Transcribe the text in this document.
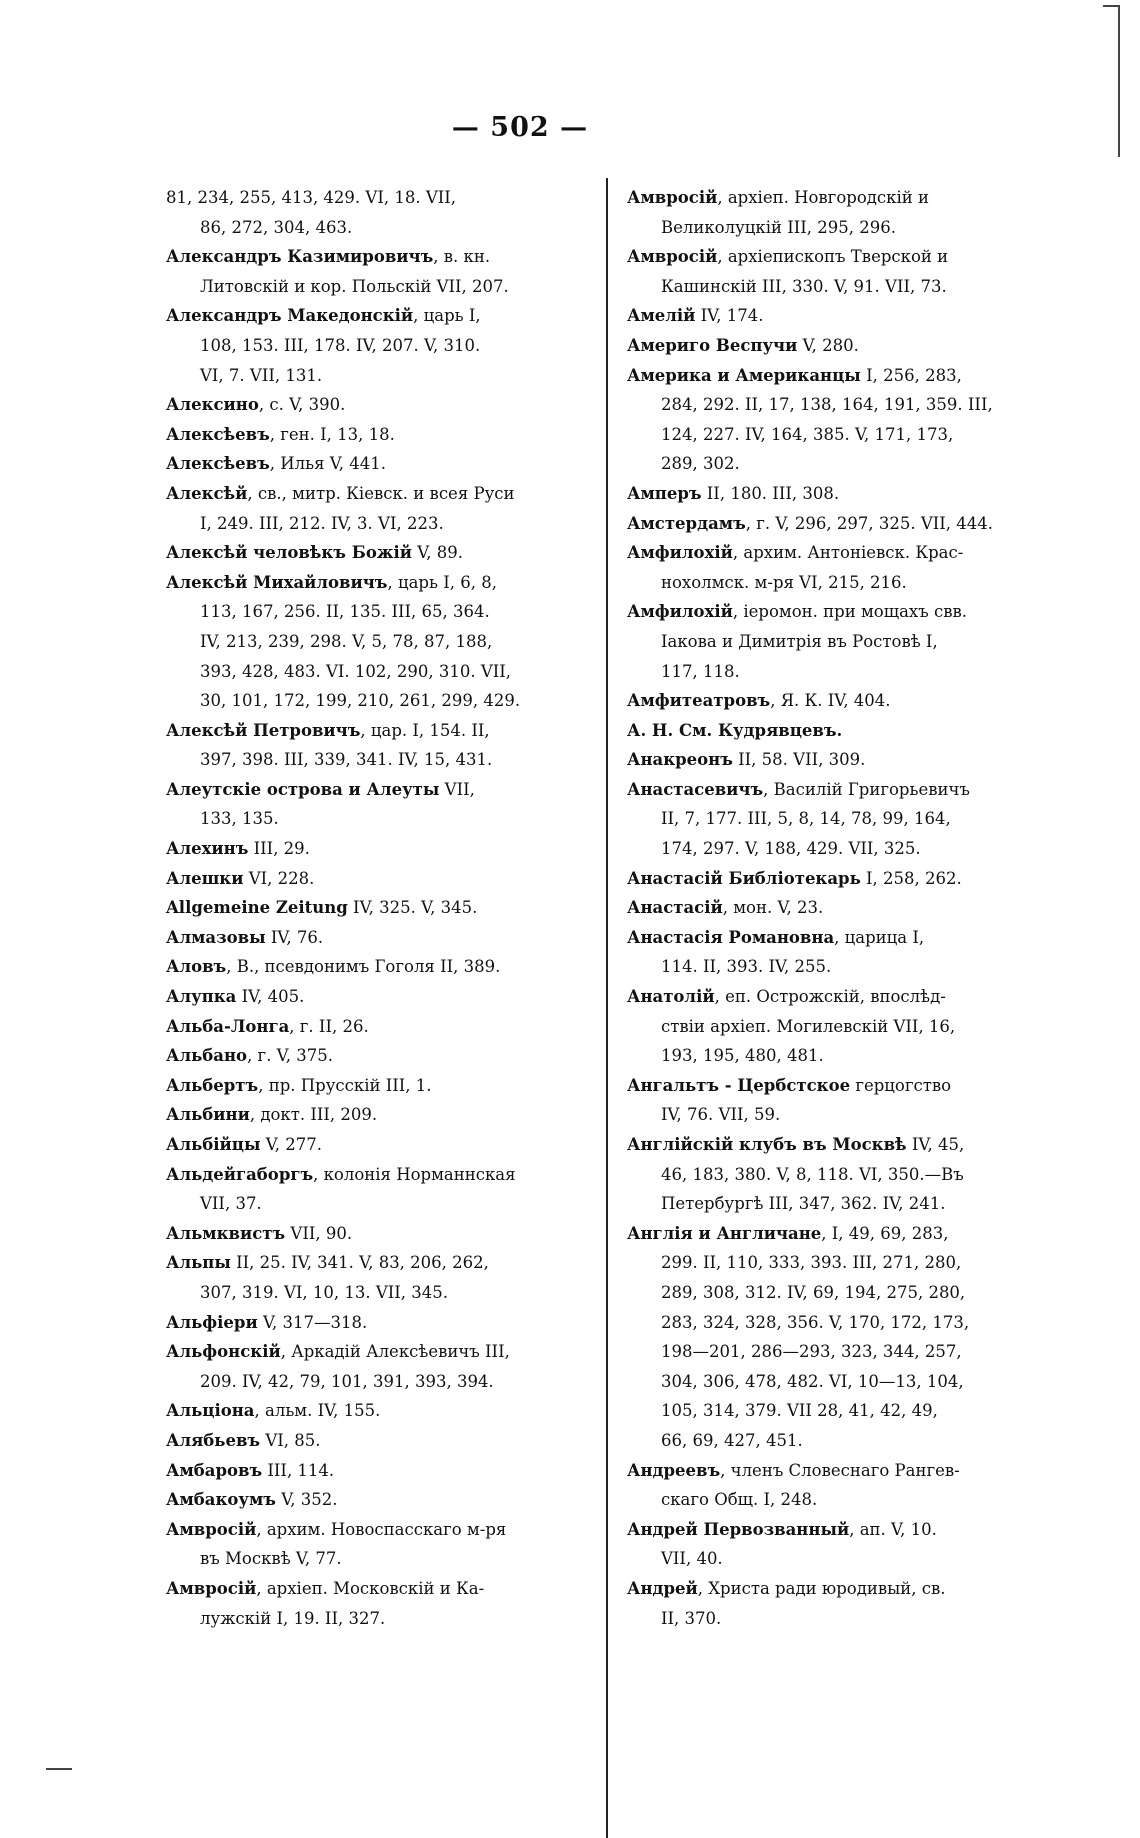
— 502 —

81, 234, 255, 413, 429. VI, 18. VII,

86, 272, 304, 463.

Александръ Казимировичъ, в. кн.

Литовскій и кор. Польскій VII, 207.

Александръ Македонскій, царь I,

108, 153. III, 178. IV, 207. V, 310.

VI, 7. VII, 131.

Алексино, с. V, 390.

Алексѣевъ, ген. I, 13, 18.

Алексѣевъ, Илья V, 441.

Алексѣй, св., митр. Кіевск. и всея Руси

I, 249. III, 212. IV, 3. VI, 223.

Алексѣй человѣкъ Божій V, 89.

Алексѣй Михайловичъ, царь I, 6, 8,

113, 167, 256. II, 135. III, 65, 364.

IV, 213, 239, 298. V, 5, 78, 87, 188,

393, 428, 483. VI. 102, 290, 310. VII,

30, 101, 172, 199, 210, 261, 299, 429.

Алексѣй Петровичъ, цар. I, 154. II,

397, 398. III, 339, 341. IV, 15, 431.

Алеутскіе острова и Алеуты VII,

133, 135.

Алехинъ III, 29.

Алешки VI, 228.

Allgemeine Zeitung IV, 325. V, 345.

Алмазовы IV, 76.

Аловъ, В., псевдонимъ Гоголя II, 389.

Алупка IV, 405.

Альба-Лонга, г. II, 26.

Альбано, г. V, 375.

Альбертъ, пр. Прусскій III, 1.

Альбини, докт. III, 209.

Альбійцы V, 277.

Альдейгаборгъ, колонія Норманнская

VII, 37.

Альмквистъ VII, 90.

Альпы II, 25. IV, 341. V, 83, 206, 262,

307, 319. VI, 10, 13. VII, 345.

Альфіери V, 317—318.

Альфонскій, Аркадій Алексѣевичъ III,

209. IV, 42, 79, 101, 391, 393, 394.

Альціона, альм. IV, 155.

Алябьевъ VI, 85.

Амбаровъ III, 114.

Амбакоумъ V, 352.

Амвросій, архим. Новоспасскаго м-ря

въ Москвѣ V, 77.

Амвросій, архіеп. Московскій и Ка-

лужскій I, 19. II, 327.

Амвросій, архіеп. Новгородскій и

Великолуцкій III, 295, 296.

Амвросій, архіепископъ Тверской и

Кашинскій III, 330. V, 91. VII, 73.

Амелій IV, 174.

Америго Веспучи V, 280.

Америка и Американцы I, 256, 283,

284, 292. II, 17, 138, 164, 191, 359. III,

124, 227. IV, 164, 385. V, 171, 173,

289, 302.

Амперъ II, 180. III, 308.

Амстердамъ, г. V, 296, 297, 325. VII, 444.

Амфилохій, архим. Антоніевск. Крас-

нохолмск. м-ря VI, 215, 216.

Амфилохій, іеромон. при мощахъ свв.

Іакова и Димитрія въ Ростовѣ I,

117, 118.

Амфитеатровъ, Я. К. IV, 404.

А. Н. См. Кудрявцевъ.

Анакреонъ II, 58. VII, 309.

Анастасевичъ, Василій Григорьевичъ

II, 7, 177. III, 5, 8, 14, 78, 99, 164,

174, 297. V, 188, 429. VII, 325.

Анастасій Библіотекарь I, 258, 262.

Анастасій, мон. V, 23.

Анастасія Романовна, царица I,

114. II, 393. IV, 255.

Анатолій, еп. Острожскій, впослѣд-

ствіи архіеп. Могилевскій VII, 16,

193, 195, 480, 481.

Ангальтъ - Цербстское герцогство

IV, 76. VII, 59.

Англійскій клубъ въ Москвѣ IV, 45,

46, 183, 380. V, 8, 118. VI, 350.—Въ

Петербургѣ III, 347, 362. IV, 241.

Англія и Англичане, I, 49, 69, 283,

299. II, 110, 333, 393. III, 271, 280,

289, 308, 312. IV, 69, 194, 275, 280,

283, 324, 328, 356. V, 170, 172, 173,

198—201, 286—293, 323, 344, 257,

304, 306, 478, 482. VI, 10—13, 104,

105, 314, 379. VII 28, 41, 42, 49,

66, 69, 427, 451.

Андреевъ, членъ Словеснаго Рангев-

скаго Общ. I, 248.

Андрей Первозванный, ап. V, 10.

VII, 40.

Андрей, Христа ради юродивый, св.

II, 370.
